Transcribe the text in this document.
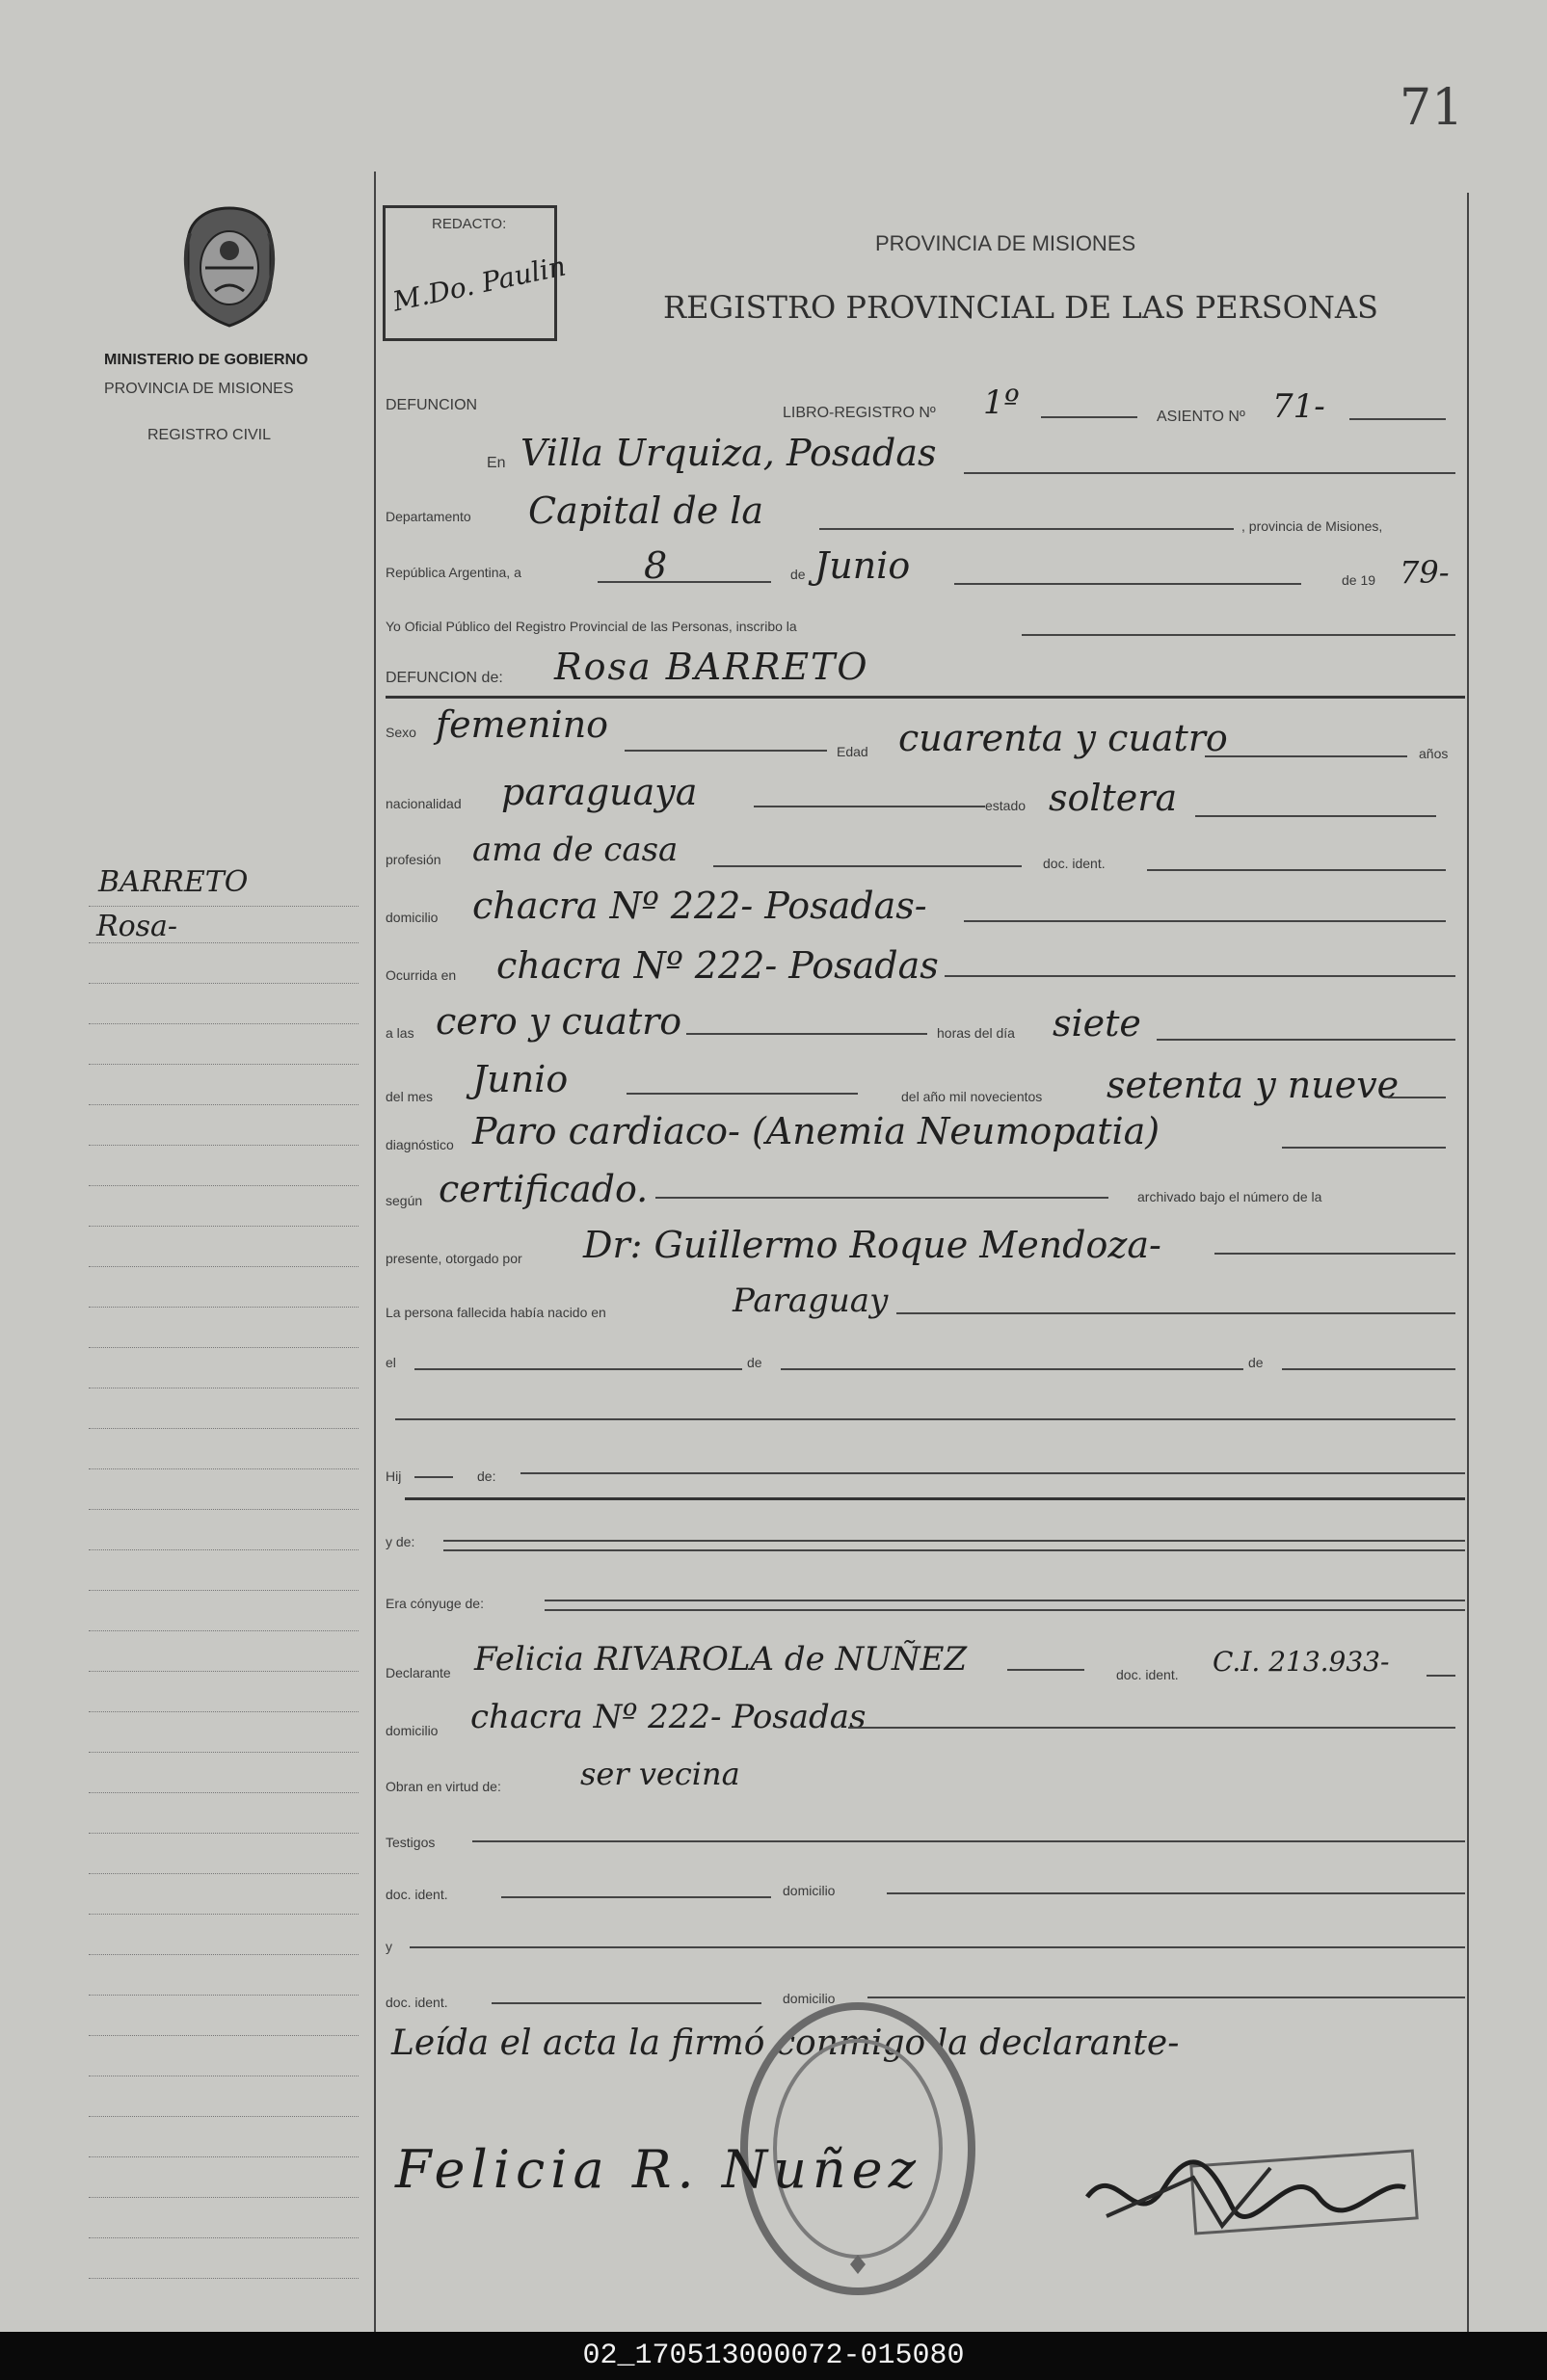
71
MINISTERIO DE GOBIERNO
PROVINCIA DE MISIONES
REGISTRO CIVIL
REDACTO:
M.Do. Paulin
PROVINCIA DE MISIONES
REGISTRO PROVINCIAL DE LAS PERSONAS
BARRETO
Rosa-
DEFUNCION	LIBRO-REGISTRO Nº 1º	ASIENTO Nº 71-
En Villa Urquiza, Posadas
Departamento Capital de la	, provincia de Misiones,
República Argentina, a	8	de Junio	de 19 79-
Yo Oficial Público del Registro Provincial de las Personas, inscribo la
DEFUNCION de: Rosa BARRETO
Sexo femenino
Edad cuarenta y cuatro	años
nacionalidad paraguaya	estado soltera
profesión ama de casa	doc. ident.
domicilio chacra Nº 222- Posadas-
Ocurrida en chacra Nº 222- Posadas
a las cero y cuatro	horas del día siete
del mes Junio	del año mil novecientos setenta y nueve
diagnóstico Paro cardiaco- (Anemia Neumopatia)
según certificado.	archivado bajo el número de la
presente, otorgado por Dr: Guillermo Roque Mendoza-
La persona fallecida había nacido en	Paraguay
el	de	de
Hij	de:
y de:
Era cónyuge de:
Declarante Felicia RIVAROLA de NUÑEZ	doc. ident. C.I. 213.933-
domicilio chacra Nº 222- Posadas
Obran en virtud de:	ser vecina
Testigos
doc. ident.	domicilio
y
doc. ident.	domicilio
Leída el acta la firmó conmigo la declarante-
Felicia R. Nuñez
02_170513000072-015080
